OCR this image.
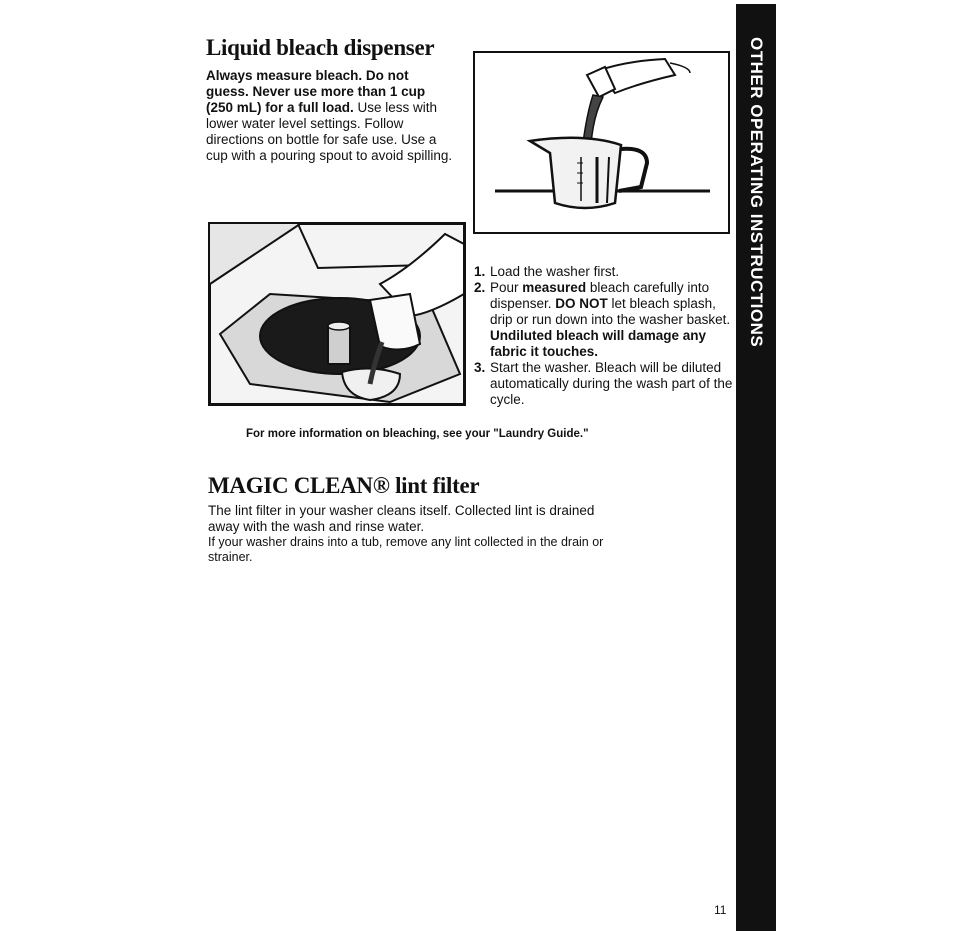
Liquid bleach dispenser
Always measure bleach. Do not guess. Never use more than 1 cup (250 mL) for a full load. Use less with lower water level settings. Follow directions on bottle for safe use. Use a cup with a pouring spout to avoid spilling.
1. Load the washer first.
2. Pour measured bleach carefully into dispenser. DO NOT let bleach splash, drip or run down into the washer basket. Undiluted bleach will damage any fabric it touches.
3. Start the washer. Bleach will be diluted automatically during the wash part of the cycle.
For more information on bleaching, see your "Laundry Guide."
MAGIC CLEAN® lint filter

The lint filter in your washer cleans itself. Collected lint is drained away with the wash and rinse water.

If your washer drains into a tub, remove any lint collected in the drain or strainer.

OTHER OPERATING INSTRUCTIONS
11
